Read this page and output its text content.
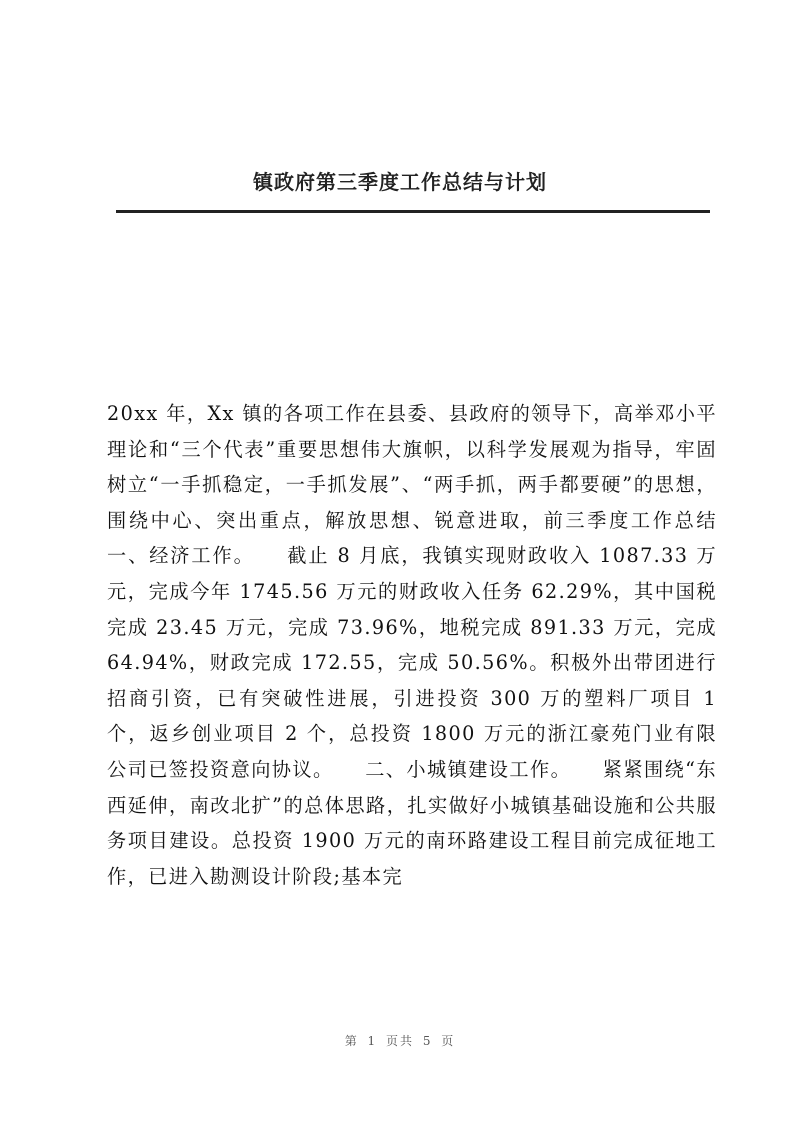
镇政府第三季度工作总结与计划

20xx 年，Xx 镇的各项工作在县委、县政府的领导下，高举邓小平理论和“三个代表”重要思想伟大旗帜，以科学发展观为指导，牢固树立“一手抓稳定，一手抓发展”、“两手抓，两手都要硬”的思想，围绕中心、突出重点，解放思想、锐意进取，前三季度工作总结　　一、经济工作。　　截止 8 月底，我镇实现财政收入 1087.33 万元，完成今年 1745.56 万元的财政收入任务 62.29%，其中国税完成 23.45 万元，完成 73.96%，地税完成 891.33 万元，完成 64.94%，财政完成 172.55，完成 50.56%。积极外出带团进行招商引资，已有突破性进展，引进投资 300 万的塑料厂项目 1 个，返乡创业项目 2 个，总投资 1800 万元的浙江豪苑门业有限公司已签投资意向协议。　　二、小城镇建设工作。　　紧紧围绕“东西延伸，南改北扩”的总体思路，扎实做好小城镇基础设施和公共服务项目建设。总投资 1900 万元的南环路建设工程目前完成征地工作，已进入勘测设计阶段;基本完

第 1 页共 5 页
